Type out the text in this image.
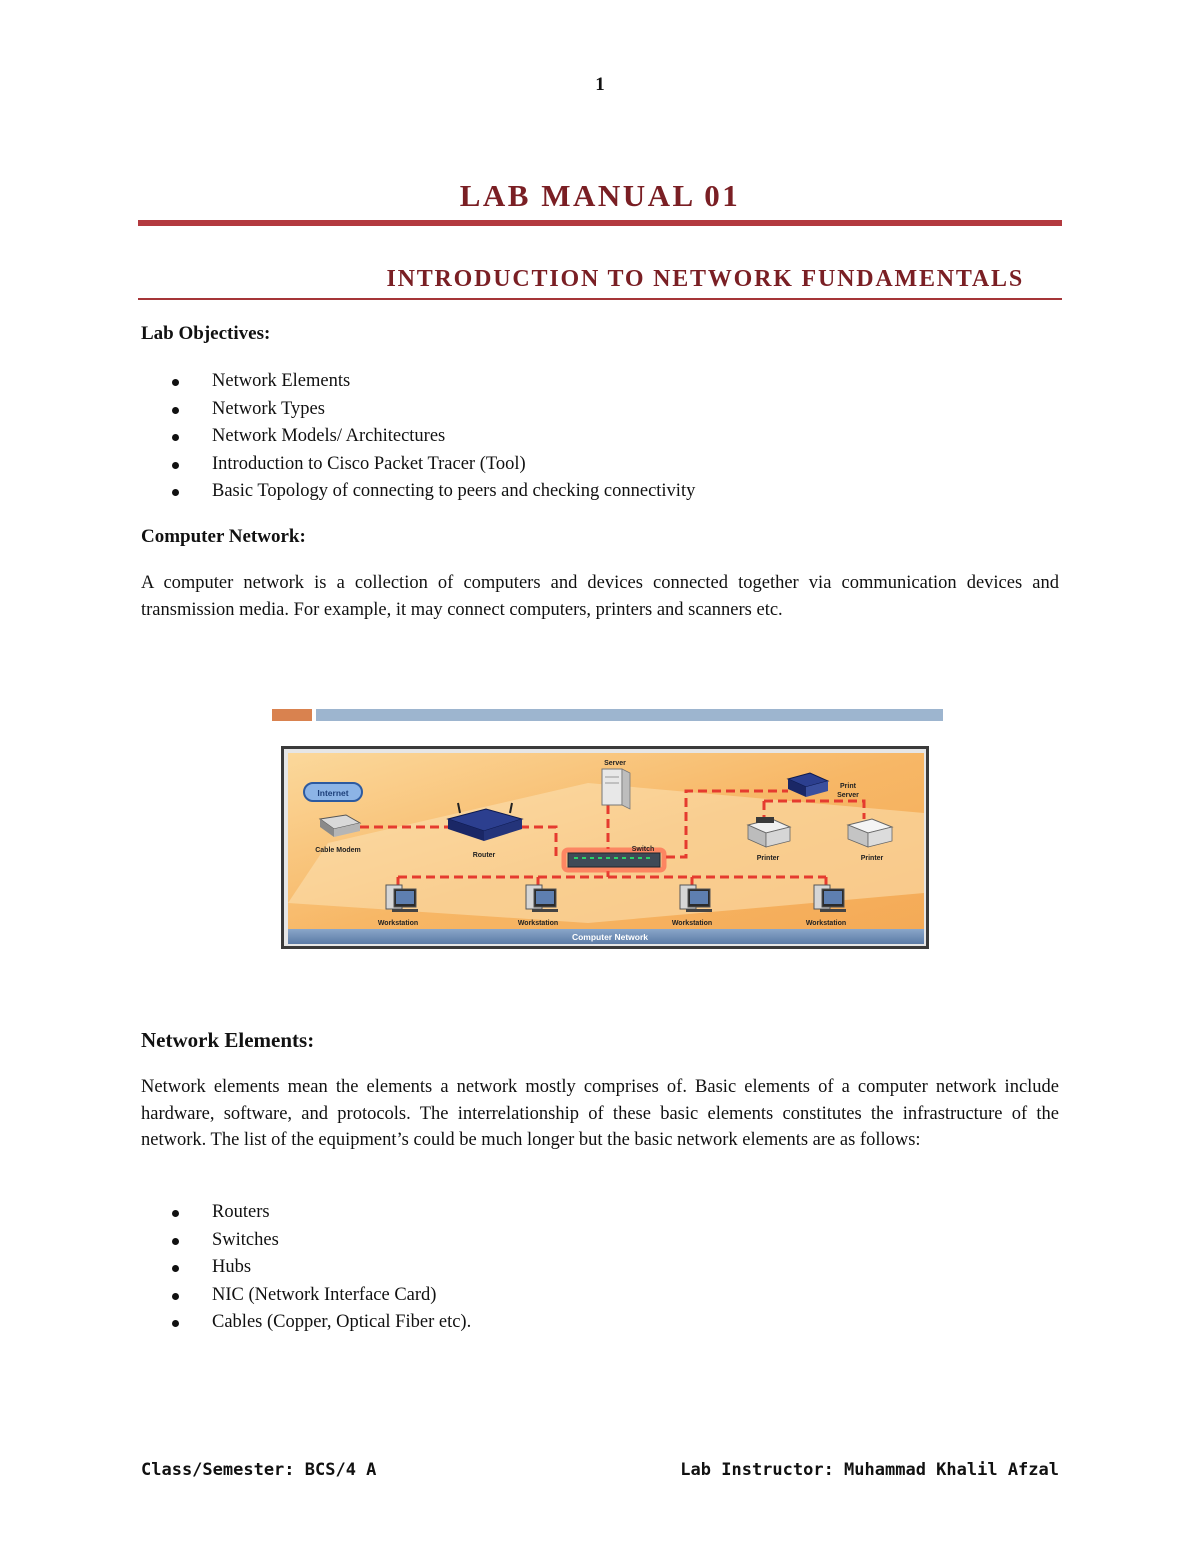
1
LAB MANUAL 01
INTRODUCTION TO NETWORK FUNDAMENTALS
Lab Objectives:
Network Elements
Network Types
Network Models/ Architectures
Introduction to Cisco Packet Tracer (Tool)
Basic Topology of connecting to peers and checking connectivity
Computer Network:
A computer network is a collection of computers and devices connected together via communication devices and transmission media. For example, it may connect computers, printers and scanners etc.
Internet
Cable Modem
Router
Server
Switch
Print
Server
Printer	Printer
Workstation	Workstation	Workstation	Workstation
Computer Network
Network Elements:
Network elements mean the elements a network mostly comprises of. Basic elements of a computer network include hardware, software, and protocols. The interrelationship of these basic elements constitutes the infrastructure of the network. The list of the equipment’s could be much longer but the basic network elements are as follows:
Routers
Switches
Hubs
NIC (Network Interface Card)
Cables (Copper, Optical Fiber etc).
Class/Semester: BCS/4 A	Lab Instructor: Muhammad Khalil Afzal
